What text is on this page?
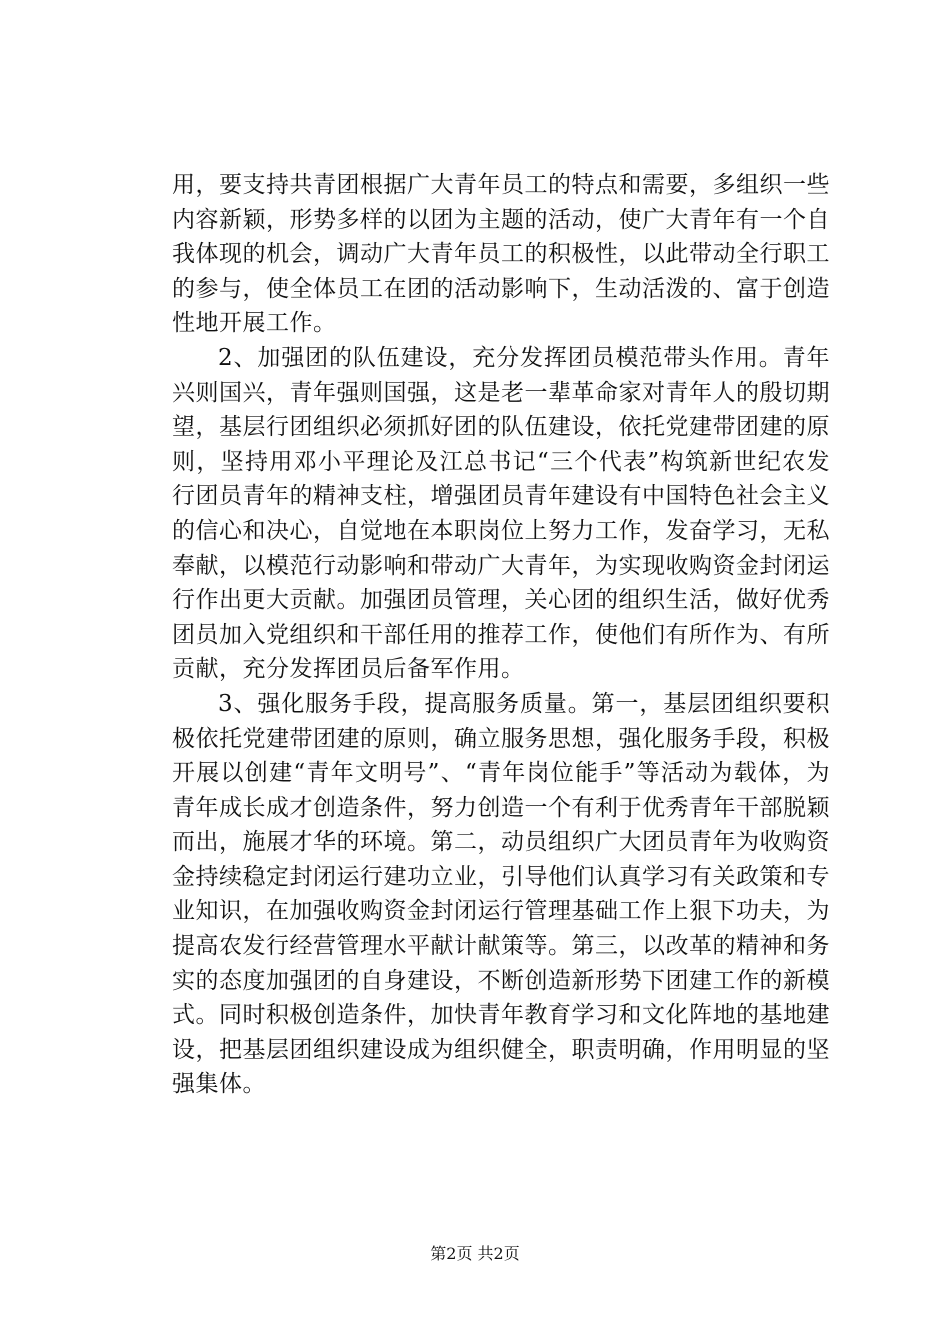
用，要支持共青团根据广大青年员工的特点和需要，多组织一些内容新颖，形势多样的以团为主题的活动，使广大青年有一个自我体现的机会，调动广大青年员工的积极性，以此带动全行职工的参与，使全体员工在团的活动影响下，生动活泼的、富于创造性地开展工作。

2、加强团的队伍建设，充分发挥团员模范带头作用。青年兴则国兴，青年强则国强，这是老一辈革命家对青年人的殷切期望，基层行团组织必须抓好团的队伍建设，依托党建带团建的原则，坚持用邓小平理论及江总书记“三个代表”构筑新世纪农发行团员青年的精神支柱，增强团员青年建设有中国特色社会主义的信心和决心，自觉地在本职岗位上努力工作，发奋学习，无私奉献，以模范行动影响和带动广大青年，为实现收购资金封闭运行作出更大贡献。加强团员管理，关心团的组织生活，做好优秀团员加入党组织和干部任用的推荐工作，使他们有所作为、有所贡献，充分发挥团员后备军作用。

3、强化服务手段，提高服务质量。第一，基层团组织要积极依托党建带团建的原则，确立服务思想，强化服务手段，积极开展以创建“青年文明号”、“青年岗位能手”等活动为载体，为青年成长成才创造条件，努力创造一个有利于优秀青年干部脱颖而出，施展才华的环境。第二，动员组织广大团员青年为收购资金持续稳定封闭运行建功立业，引导他们认真学习有关政策和专业知识，在加强收购资金封闭运行管理基础工作上狠下功夫，为提高农发行经营管理水平献计献策等。第三，以改革的精神和务实的态度加强团的自身建设，不断创造新形势下团建工作的新模式。同时积极创造条件，加快青年教育学习和文化阵地的基地建设，把基层团组织建设成为组织健全，职责明确，作用明显的坚强集体。

第2页 共2页
